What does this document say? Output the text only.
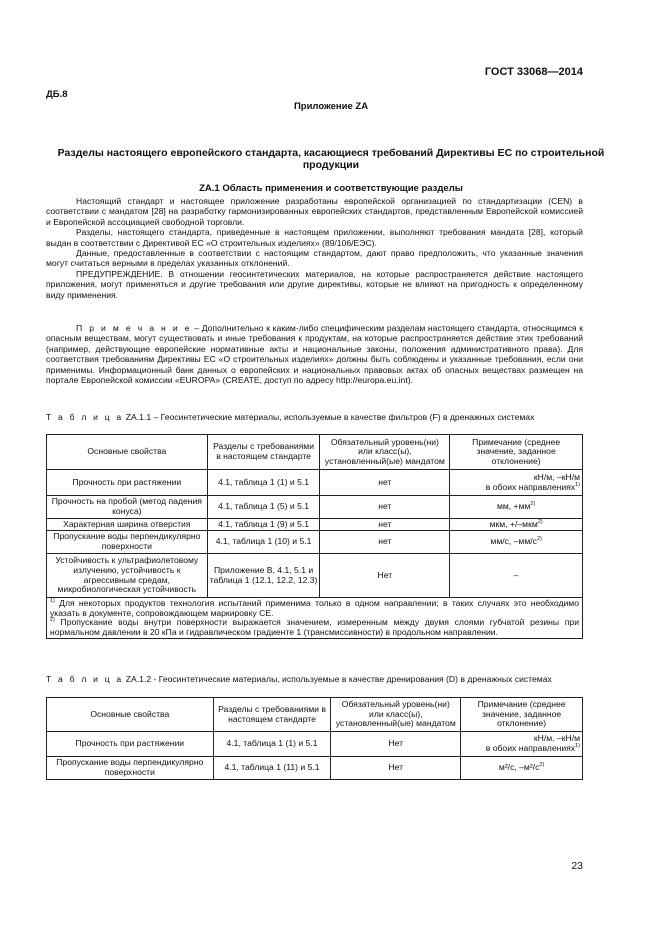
ГОСТ 33068—2014
ДБ.8
Приложение ZA
Разделы настоящего европейского стандарта, касающиеся требований Директивы ЕС по строительной продукции
ZA.1 Область применения и соответствующие разделы

Настоящий стандарт и настоящее приложение разработаны европейской организацией по стандартизации (CEN) в соответствии с мандатом [28] на разработку гармонизированных европейских стандартов, представленным Европейской комиссией и Европейской ассоциацией свободной торговли.

Разделы, настоящего стандарта, приведенные в настоящем приложении, выполняют требования мандата [28], который выдан в соответствии с Директивой ЕС «О строительных изделиях» (89/106/ЕЭС).

Данные, предоставленные в соответствии с настоящим стандартом, дают право предположить, что указанные значения могут считаться верными в пределах указанных отклонений.

ПРЕДУПРЕЖДЕНИЕ. В отношении геосинтетических материалов, на которые распространяется действие настоящего приложения, могут применяться и другие требования или другие директивы, которые не влияют на пригодность к определенному виду применения.

П р и м е ч а н и е – Дополнительно к каким-либо специфическим разделам настоящего стандарта, относящимся к опасным веществам, могут существовать и иные требования к продуктам, на которые распространяется действие этих требований (например, действующие европейские нормативные акты и национальные законы, положения административного права). Для соответствия требованиям Директивы ЕС «О строительных изделиях» должны быть соблюдены и указанные требования, если они применимы. Информационный банк данных о европейских и национальных правовых актах об опасных веществах размещен на портале Европейской комиссии «EUROPA» (CREATE, доступ по адресу http://europa.eu.int).
Т а б л и ц а ZA.1.1 – Геосинтетические материалы, используемые в качестве фильтров (F) в дренажных системах
Основные свойства	Разделы с требованиями в настоящем стандарте	Обязательный уровень(ни) или класс(ы), установленный(ые) мандатом	Примечание (среднее значение, заданное отклонение)
Прочность при растяжении	4.1, таблица 1 (1) и 5.1	нет	кН/м, –кН/м
в обоих направлениях$^{1)}$
Прочность на пробой (метод падения конуса)	4.1, таблица 1 (5) и 5.1	нет	мм, $+мм^{2)}$
Характерная ширина отверстия	4.1, таблица 1 (9) и 5.1	нет	мкм, +/–мкм$^{2)}$
Пропускание воды перпендикулярно поверхности	4.1, таблица 1 (10) и 5.1	нет	мм/с, $-мм/с^{2)}$
Устойчивость к ультрафиолетовому излучению, устойчивость к агрессивным средам, микробиологическая устойчивость	Приложение В, 4.1, 5.1 и таблица 1 (12.1, 12.2, 12.3)	Нет	–
$^{1)}$ Для некоторых продуктов технология испытаний применима только в одном направлении; в таких случаях это необходимо указать в документе, сопровождающем маркировку CE.
$^{2)}$ Пропускание воды внутри поверхности выражается значением, измеренным между двумя слоями губчатой резины при нормальном давлении в 20 кПа и гидравлическом градиенте 1 (трансмиссивности) в продольном направлении.			
Т а б л и ц а ZA.1.2 - Геосинтетические материалы, используемые в качестве дренирования (D) в дренажных системах
Основные свойства	Разделы с требованиями в настоящем стандарте	Обязательный уровень(ни) или класс(ы), установленный(ые) мандатом	Примечание (среднее значение, заданное отклонение)
Прочность при растяжении	4.1, таблица 1 (1) и 5.1	Нет	кН/м, –кН/м
в обоих направлениях$^{1)}$
Пропускание воды перпендикулярно поверхности	4.1, таблица 1 (11) и 5.1	Нет	м²/с, $-м^2/с^{2)}$
23
